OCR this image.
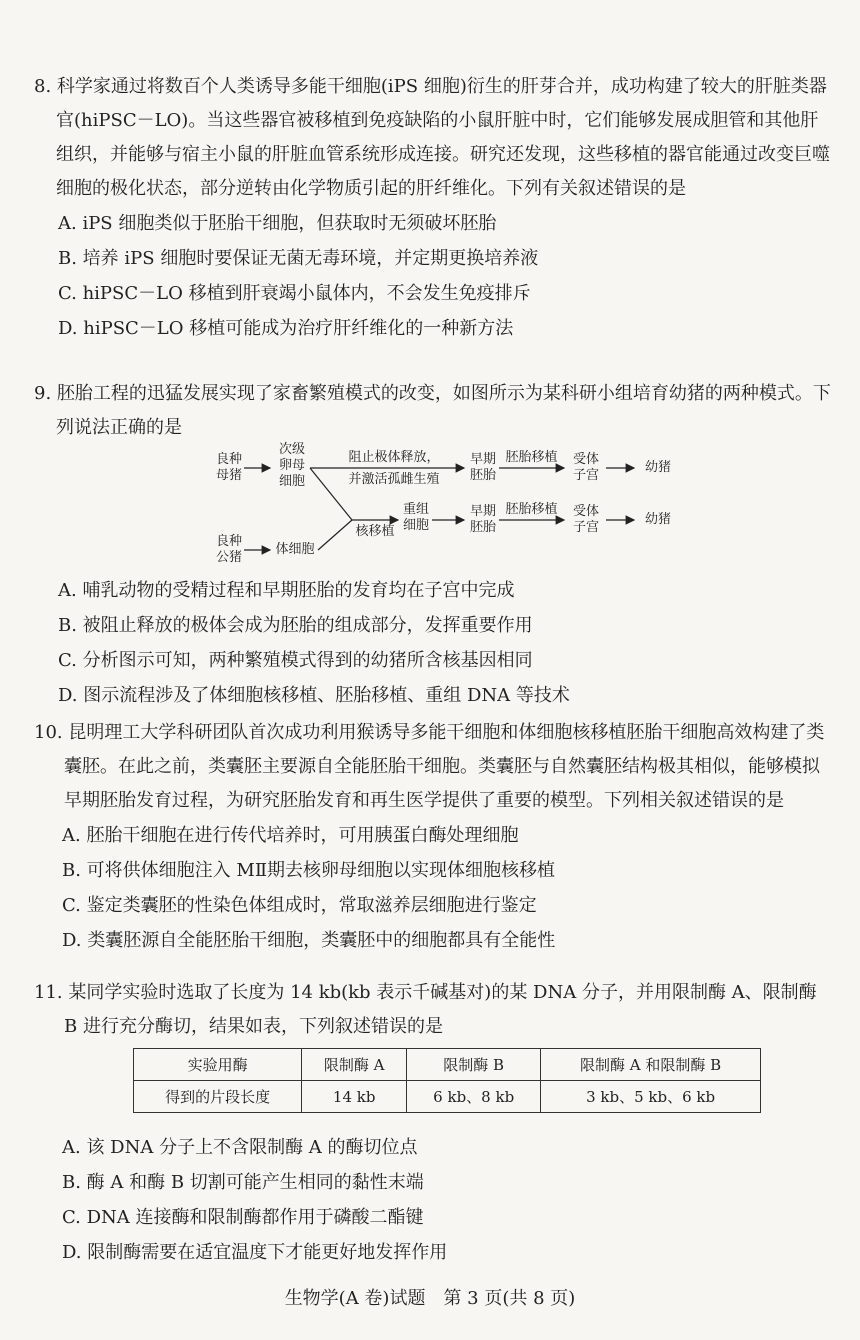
8. 科学家通过将数百个人类诱导多能干细胞(iPS 细胞)衍生的肝芽合并，成功构建了较大的肝脏类器官(hiPSC－LO)。当这些器官被移植到免疫缺陷的小鼠肝脏中时，它们能够发展成胆管和其他肝组织，并能够与宿主小鼠的肝脏血管系统形成连接。研究还发现，这些移植的器官能通过改变巨噬细胞的极化状态，部分逆转由化学物质引起的肝纤维化。下列有关叙述错误的是

A. iPS 细胞类似于胚胎干细胞，但获取时无须破坏胚胎

B. 培养 iPS 细胞时要保证无菌无毒环境，并定期更换培养液

C. hiPSC－LO 移植到肝衰竭小鼠体内，不会发生免疫排斥

D. hiPSC－LO 移植可能成为治疗肝纤维化的一种新方法

9. 胚胎工程的迅猛发展实现了家畜繁殖模式的改变，如图所示为某科研小组培育幼猪的两种模式。下列说法正确的是

A. 哺乳动物的受精过程和早期胚胎的发育均在子宫中完成

B. 被阻止释放的极体会成为胚胎的组成部分，发挥重要作用

C. 分析图示可知，两种繁殖模式得到的幼猪所含核基因相同

D. 图示流程涉及了体细胞核移植、胚胎移植、重组 DNA 等技术

良种
母猪
次级
卵母
细胞
阻止极体释放，
并激活孤雌生殖
早期
胚胎
胚胎移植	受体
子宫
幼猪
良种
公猪
体细胞
核移植
重组
细胞
早期
胚胎
胚胎移植	受体
子宫
幼猪

10. 昆明理工大学科研团队首次成功利用猴诱导多能干细胞和体细胞核移植胚胎干细胞高效构建了类囊胚。在此之前，类囊胚主要源自全能胚胎干细胞。类囊胚与自然囊胚结构极其相似，能够模拟早期胚胎发育过程，为研究胚胎发育和再生医学提供了重要的模型。下列相关叙述错误的是

A. 胚胎干细胞在进行传代培养时，可用胰蛋白酶处理细胞

B. 可将供体细胞注入 MⅡ期去核卵母细胞以实现体细胞核移植

C. 鉴定类囊胚的性染色体组成时，常取滋养层细胞进行鉴定

D. 类囊胚源自全能胚胎干细胞，类囊胚中的细胞都具有全能性

11. 某同学实验时选取了长度为 14 kb(kb 表示千碱基对)的某 DNA 分子，并用限制酶 A、限制酶 B 进行充分酶切，结果如表，下列叙述错误的是

A. 该 DNA 分子上不含限制酶 A 的酶切位点

B. 酶 A 和酶 B 切割可能产生相同的黏性末端

C. DNA 连接酶和限制酶都作用于磷酸二酯键

D. 限制酶需要在适宜温度下才能更好地发挥作用

实验用酶	限制酶 A	限制酶 B	限制酶 A 和限制酶 B
得到的片段长度	14 kb	6 kb、8 kb	3 kb、5 kb、6 kb
生物学(A 卷)试题　第 3 页(共 8 页)
